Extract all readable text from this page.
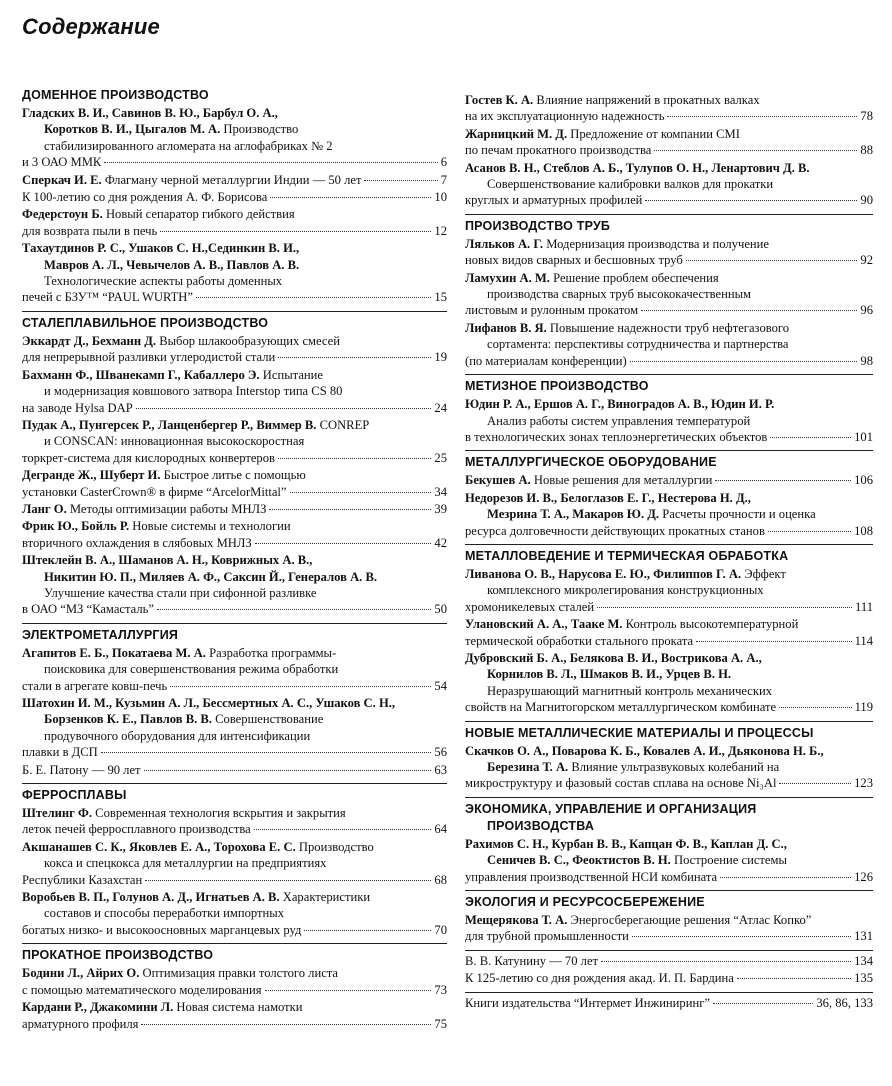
Содержание
ДОМЕННОЕ ПРОИЗВОДСТВО
Гладских В. И., Савинов В. Ю., Барбул О. А.,
Коротков В. И., Цыгалов М. А. Производство
стабилизированного агломерата на аглофабриках № 2
и 3 ОАО ММК	6
Сперкач И. Е. Флагману черной металлургии Индии — 50 лет	7
К 100-летию со дня рождения А. Ф. Борисова	10
Федерстоун Б. Новый сепаратор гибкого действия
для возврата пыли в печь	12
Тахаутдинов Р. С., Ушаков С. Н.,Сединкин В. И.,
Мавров А. Л., Чевычелов А. В., Павлов А. В.
Технологические аспекты работы доменных
печей с БЗУ™ “PAUL WURTH”	15
СТАЛЕПЛАВИЛЬНОЕ ПРОИЗВОДСТВО
Эккардт Д., Бехманн Д. Выбор шлакообразующих смесей
для непрерывной разливки углеродистой стали	19
Бахманн Ф., Шванекамп Г., Кабаллеро Э. Испытание
и модернизация ковшового затвора Interstop типа CS 80
на заводе Hylsa DAP	24
Пудак А., Пунгерсек Р., Ланценбергер Р., Виммер В. CONREP
и CONSCAN: инновационная высокоскоростная
торкрет-система для кислородных конвертеров	25
Дегранде Ж., Шуберт И. Быстрое литье с помощью
установки CasterCrown® в фирме “ArcelorMittal”	34
Ланг О. Методы оптимизации работы МНЛЗ	39
Фрик Ю., Бойль Р. Новые системы и технологии
вторичного охлаждения в слябовых МНЛЗ	42
Штеклейн В. А., Шаманов А. Н., Коврижных А. В.,
Никитин Ю. П., Миляев А. Ф., Саксин Й., Генералов А. В.
Улучшение качества стали при сифонной разливке
в ОАО “МЗ “Камасталь”	50
ЭЛЕКТРОМЕТАЛЛУРГИЯ
Агапитов Е. Б., Покатаева М. А. Разработка программы-
поисковика для совершенствования режима обработки
стали в агрегате ковш-печь	54
Шатохин И. М., Кузьмин А. Л., Бессмертных А. С., Ушаков С. Н.,
Борзенков К. Е., Павлов В. В. Совершенствование
продувочного оборудования для интенсификации
плавки в ДСП	56
Б. Е. Патону — 90 лет	63
ФЕРРОСПЛАВЫ
Штелинг Ф. Современная технология вскрытия и закрытия
леток печей ферросплавного производства	64
Акшанашев С. К., Яковлев Е. А., Торохова Е. С. Производство
кокса и спецкокса для металлургии на предприятиях
Республики Казахстан	68
Воробьев В. П., Голунов А. Д., Игнатьев А. В. Характеристики
составов и способы переработки импортных
богатых низко- и высокоосновных марганцевых руд	70
ПРОКАТНОЕ ПРОИЗВОДСТВО
Бодини Л., Айрих О. Оптимизация правки толстого листа
с помощью математического моделирования	73
Кардани Р., Джакомини Л. Новая система намотки
арматурного профиля	75
Гостев К. А. Влияние напряжений в прокатных валках
на их эксплуатационную надежность	78
Жарницкий М. Д. Предложение от компании CMI
по печам прокатного производства	88
Асанов В. Н., Стеблов А. Б., Тулупов О. Н., Ленартович Д. В.
Совершенствование калибровки валков для прокатки
круглых и арматурных профилей	90
ПРОИЗВОДСТВО ТРУБ
Ляльков А. Г. Модернизация производства и получение
новых видов сварных и бесшовных труб	92
Ламухин А. М. Решение проблем обеспечения
производства сварных труб высококачественным
листовым и рулонным прокатом	96
Лифанов В. Я. Повышение надежности труб нефтегазового
сортамента: перспективы сотрудничества и партнерства
(по материалам конференции)	98
МЕТИЗНОЕ ПРОИЗВОДСТВО
Юдин Р. А., Ершов А. Г., Виноградов А. В., Юдин И. Р.
Анализ работы систем управления температурой
в технологических зонах теплоэнергетических объектов	101
МЕТАЛЛУРГИЧЕСКОЕ ОБОРУДОВАНИЕ
Бекушев А. Новые решения для металлургии	106
Недорезов И. В., Белоглазов Е. Г., Нестерова Н. Д.,
Мезрина Т. А., Макаров Ю. Д. Расчеты прочности и оценка
ресурса долговечности действующих прокатных станов	108
МЕТАЛЛОВЕДЕНИЕ И ТЕРМИЧЕСКАЯ ОБРАБОТКА
Ливанова О. В., Нарусова Е. Ю., Филиппов Г. А. Эффект
комплексного микролегирования конструкционных
хромоникелевых сталей	111
Улановский А. А., Таакe M. Контроль высокотемпературной
термической обработки стального проката	114
Дубровский Б. А., Белякова В. И., Вострикова А. А.,
Корнилов В. Л., Шмаков В. И., Урцев В. Н.
Неразрушающий магнитный контроль механических
свойств на Магнитогорском металлургическом комбинате	119
НОВЫЕ МЕТАЛЛИЧЕСКИЕ МАТЕРИАЛЫ И ПРОЦЕССЫ
Скачков О. А., Поварова К. Б., Ковалев А. И., Дьяконова Н. Б.,
Березина Т. А. Влияние ультразвуковых колебаний на
микроструктуру и фазовый состав сплава на основе Ni₃Al	123
ЭКОНОМИКА, УПРАВЛЕНИЕ И ОРГАНИЗАЦИЯ
ПРОИЗВОДСТВА
Рахимов С. Н., Курбан В. В., Капцан Ф. В., Каплан Д. С.,
Сеничев В. С., Феоктистов В. Н. Построение системы
управления производственной НСИ комбината	126
ЭКОЛОГИЯ И РЕСУРСОСБЕРЕЖЕНИЕ
Мещерякова Т. А. Энергосберегающие решения “Атлас Копко”
для трубной промышленности	131
В. В. Катунину — 70 лет	134
К 125-летию со дня рождения акад. И. П. Бардина	135
Книги издательства “Интермет Инжиниринг”	36, 86, 133
